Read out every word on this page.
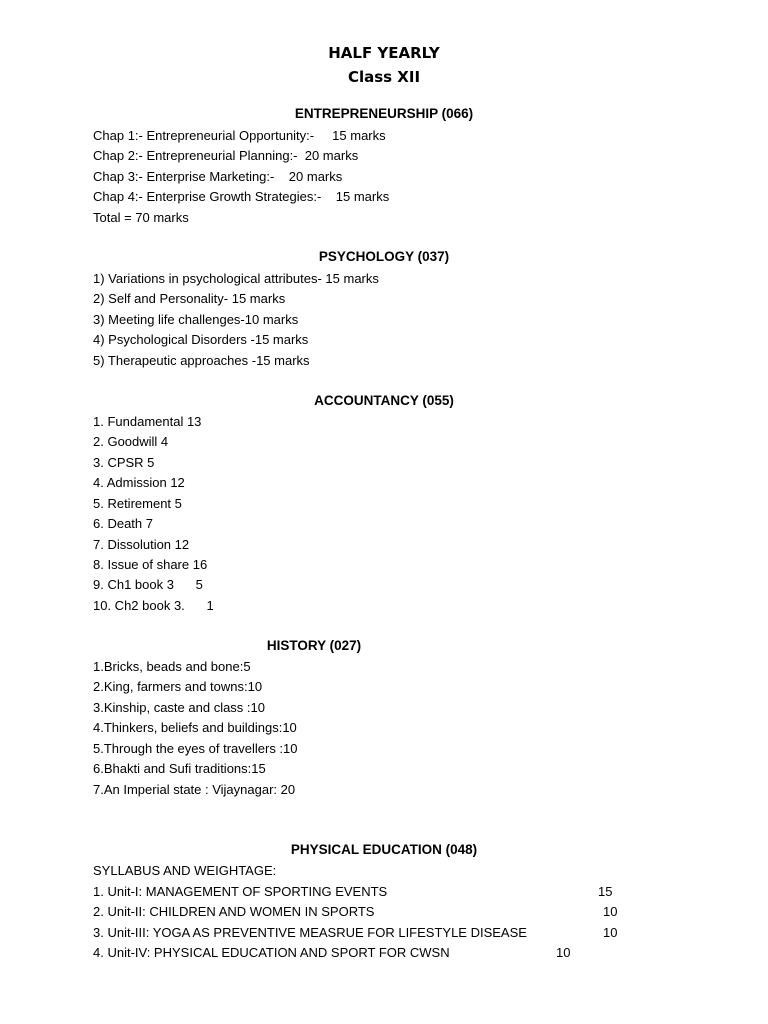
HALF YEARLY
Class XII
ENTREPRENEURSHIP (066)
Chap 1:- Entrepreneurial Opportunity:-     15 marks
Chap 2:- Entrepreneurial Planning:-  20 marks
Chap 3:- Enterprise Marketing:-    20 marks
Chap 4:- Enterprise Growth Strategies:-    15 marks
Total = 70 marks
PSYCHOLOGY (037)
1) Variations in psychological attributes- 15 marks
2) Self and Personality- 15 marks
3) Meeting life challenges-10 marks
4) Psychological Disorders -15 marks
5) Therapeutic approaches -15 marks
ACCOUNTANCY (055)
1. Fundamental 13
2. Goodwill 4
3. CPSR 5
4. Admission 12
5. Retirement 5
6. Death 7
7. Dissolution 12
8. Issue of share 16
9. Ch1 book 3      5
10. Ch2 book 3.      1
HISTORY (027)
1.Bricks, beads and bone:5
2.King, farmers and towns:10
3.Kinship, caste and class :10
4.Thinkers, beliefs and buildings:10
5.Through the eyes of travellers :10
6.Bhakti and Sufi traditions:15
7.An Imperial state : Vijaynagar: 20
PHYSICAL EDUCATION (048)
SYLLABUS AND WEIGHTAGE:
1. Unit-I: MANAGEMENT OF SPORTING EVENTS	15
2. Unit-II: CHILDREN AND WOMEN IN SPORTS	10
3. Unit-III: YOGA AS PREVENTIVE MEASRUE FOR LIFESTYLE DISEASE	10
4. Unit-IV: PHYSICAL EDUCATION AND SPORT FOR CWSN	10
